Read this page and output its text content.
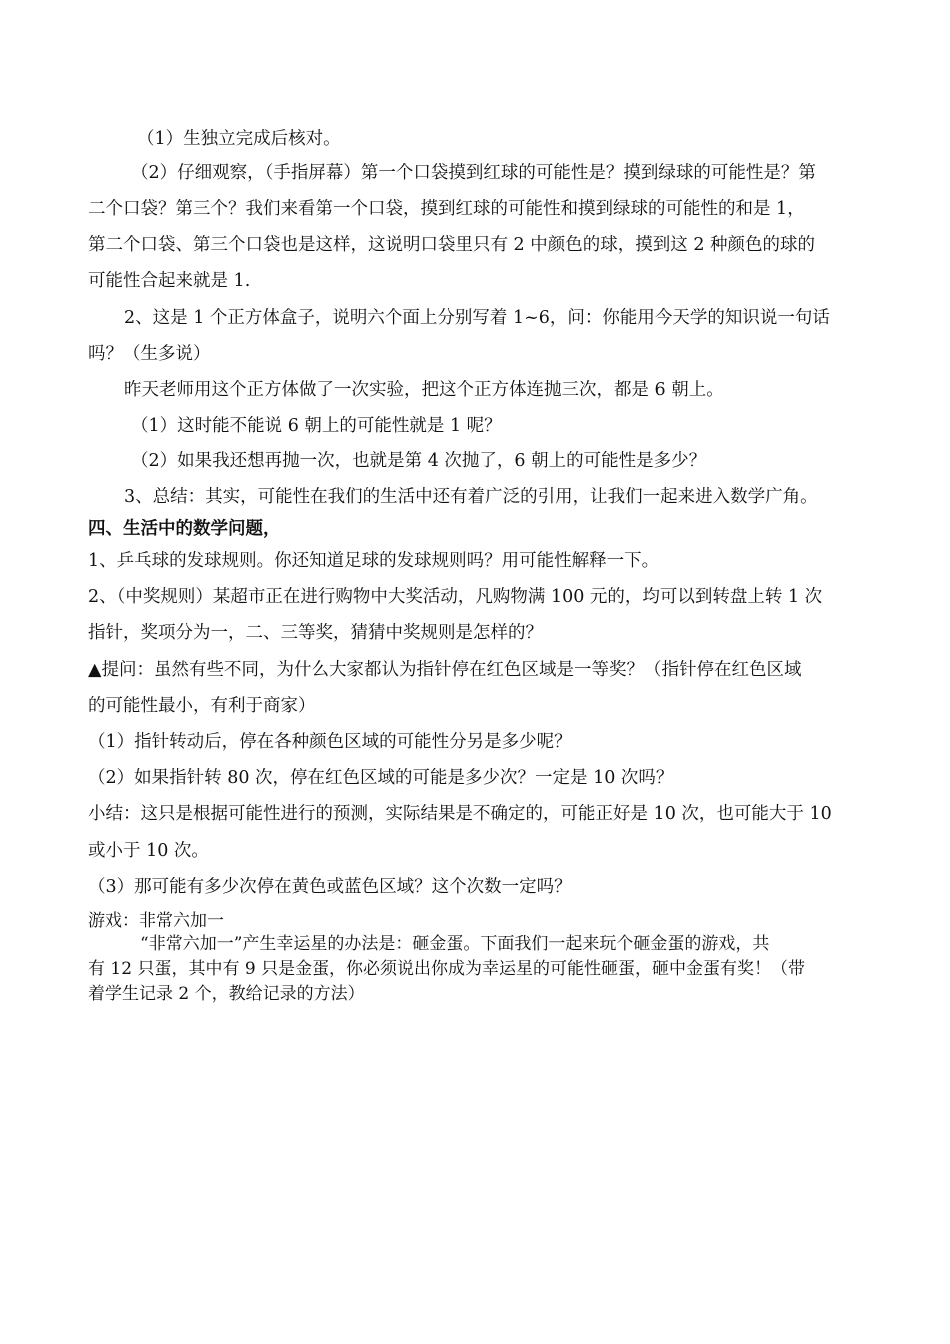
（1）生独立完成后核对。
（2）仔细观察，（手指屏幕）第一个口袋摸到红球的可能性是？摸到绿球的可能性是？第
二个口袋？第三个？我们来看第一个口袋，摸到红球的可能性和摸到绿球的可能性的和是 1，
第二个口袋、第三个口袋也是这样，这说明口袋里只有 2 中颜色的球，摸到这 2 种颜色的球的
可能性合起来就是 1.
2、这是 1 个正方体盒子，说明六个面上分别写着 1~6，问：你能用今天学的知识说一句话
吗？（生多说）
昨天老师用这个正方体做了一次实验，把这个正方体连抛三次，都是 6 朝上。
（1）这时能不能说 6 朝上的可能性就是 1 呢？
（2）如果我还想再抛一次，也就是第 4 次抛了，6 朝上的可能性是多少？
3、总结：其实，可能性在我们的生活中还有着广泛的引用，让我们一起来进入数学广角。
四、生活中的数学问题，
1、乒乓球的发球规则。你还知道足球的发球规则吗？用可能性解释一下。
2、（中奖规则）某超市正在进行购物中大奖活动，凡购物满 100 元的，均可以到转盘上转 1 次
指针，奖项分为一，二、三等奖，猜猜中奖规则是怎样的？
▲提问：虽然有些不同，为什么大家都认为指针停在红色区域是一等奖？（指针停在红色区域
的可能性最小，有利于商家）
（1）指针转动后，停在各种颜色区域的可能性分另是多少呢？
（2）如果指针转 80 次，停在红色区域的可能是多少次？一定是 10 次吗？
小结：这只是根据可能性进行的预测，实际结果是不确定的，可能正好是 10 次，也可能大于 10
或小于 10 次。
（3）那可能有多少次停在黄色或蓝色区域？这个次数一定吗？
游戏：非常六加一
“非常六加一”产生幸运星的办法是：砸金蛋。下面我们一起来玩个砸金蛋的游戏，共
有 12 只蛋，其中有 9 只是金蛋，你必须说出你成为幸运星的可能性砸蛋，砸中金蛋有奖！（带
着学生记录 2 个，教给记录的方法）
